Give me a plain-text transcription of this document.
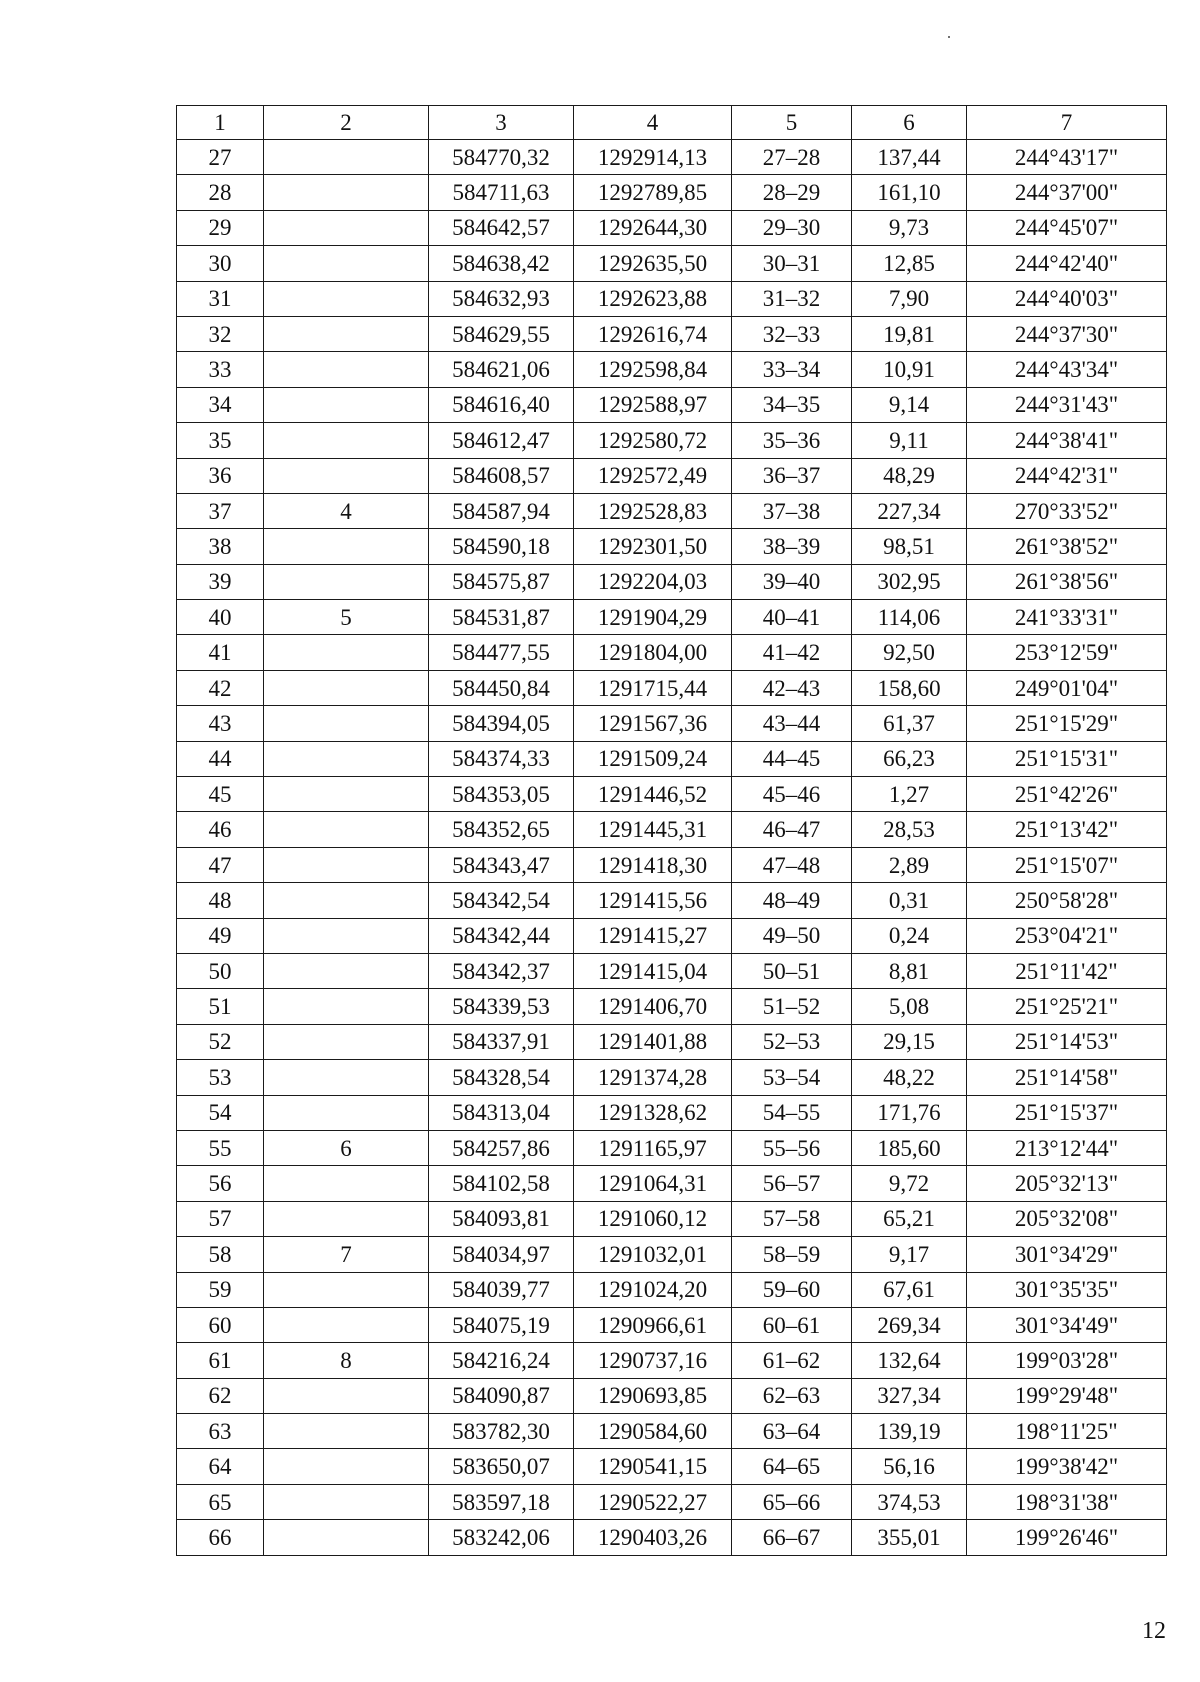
1	2	3	4	5	6	7
27		584770,32	1292914,13	27–28	137,44	244°43'17"
28		584711,63	1292789,85	28–29	161,10	244°37'00"
29		584642,57	1292644,30	29–30	9,73	244°45'07"
30		584638,42	1292635,50	30–31	12,85	244°42'40"
31		584632,93	1292623,88	31–32	7,90	244°40'03"
32		584629,55	1292616,74	32–33	19,81	244°37'30"
33		584621,06	1292598,84	33–34	10,91	244°43'34"
34		584616,40	1292588,97	34–35	9,14	244°31'43"
35		584612,47	1292580,72	35–36	9,11	244°38'41"
36		584608,57	1292572,49	36–37	48,29	244°42'31"
37	4	584587,94	1292528,83	37–38	227,34	270°33'52"
38		584590,18	1292301,50	38–39	98,51	261°38'52"
39		584575,87	1292204,03	39–40	302,95	261°38'56"
40	5	584531,87	1291904,29	40–41	114,06	241°33'31"
41		584477,55	1291804,00	41–42	92,50	253°12'59"
42		584450,84	1291715,44	42–43	158,60	249°01'04"
43		584394,05	1291567,36	43–44	61,37	251°15'29"
44		584374,33	1291509,24	44–45	66,23	251°15'31"
45		584353,05	1291446,52	45–46	1,27	251°42'26"
46		584352,65	1291445,31	46–47	28,53	251°13'42"
47		584343,47	1291418,30	47–48	2,89	251°15'07"
48		584342,54	1291415,56	48–49	0,31	250°58'28"
49		584342,44	1291415,27	49–50	0,24	253°04'21"
50		584342,37	1291415,04	50–51	8,81	251°11'42"
51		584339,53	1291406,70	51–52	5,08	251°25'21"
52		584337,91	1291401,88	52–53	29,15	251°14'53"
53		584328,54	1291374,28	53–54	48,22	251°14'58"
54		584313,04	1291328,62	54–55	171,76	251°15'37"
55	6	584257,86	1291165,97	55–56	185,60	213°12'44"
56		584102,58	1291064,31	56–57	9,72	205°32'13"
57		584093,81	1291060,12	57–58	65,21	205°32'08"
58	7	584034,97	1291032,01	58–59	9,17	301°34'29"
59		584039,77	1291024,20	59–60	67,61	301°35'35"
60		584075,19	1290966,61	60–61	269,34	301°34'49"
61	8	584216,24	1290737,16	61–62	132,64	199°03'28"
62		584090,87	1290693,85	62–63	327,34	199°29'48"
63		583782,30	1290584,60	63–64	139,19	198°11'25"
64		583650,07	1290541,15	64–65	56,16	199°38'42"
65		583597,18	1290522,27	65–66	374,53	198°31'38"
66		583242,06	1290403,26	66–67	355,01	199°26'46"
12
